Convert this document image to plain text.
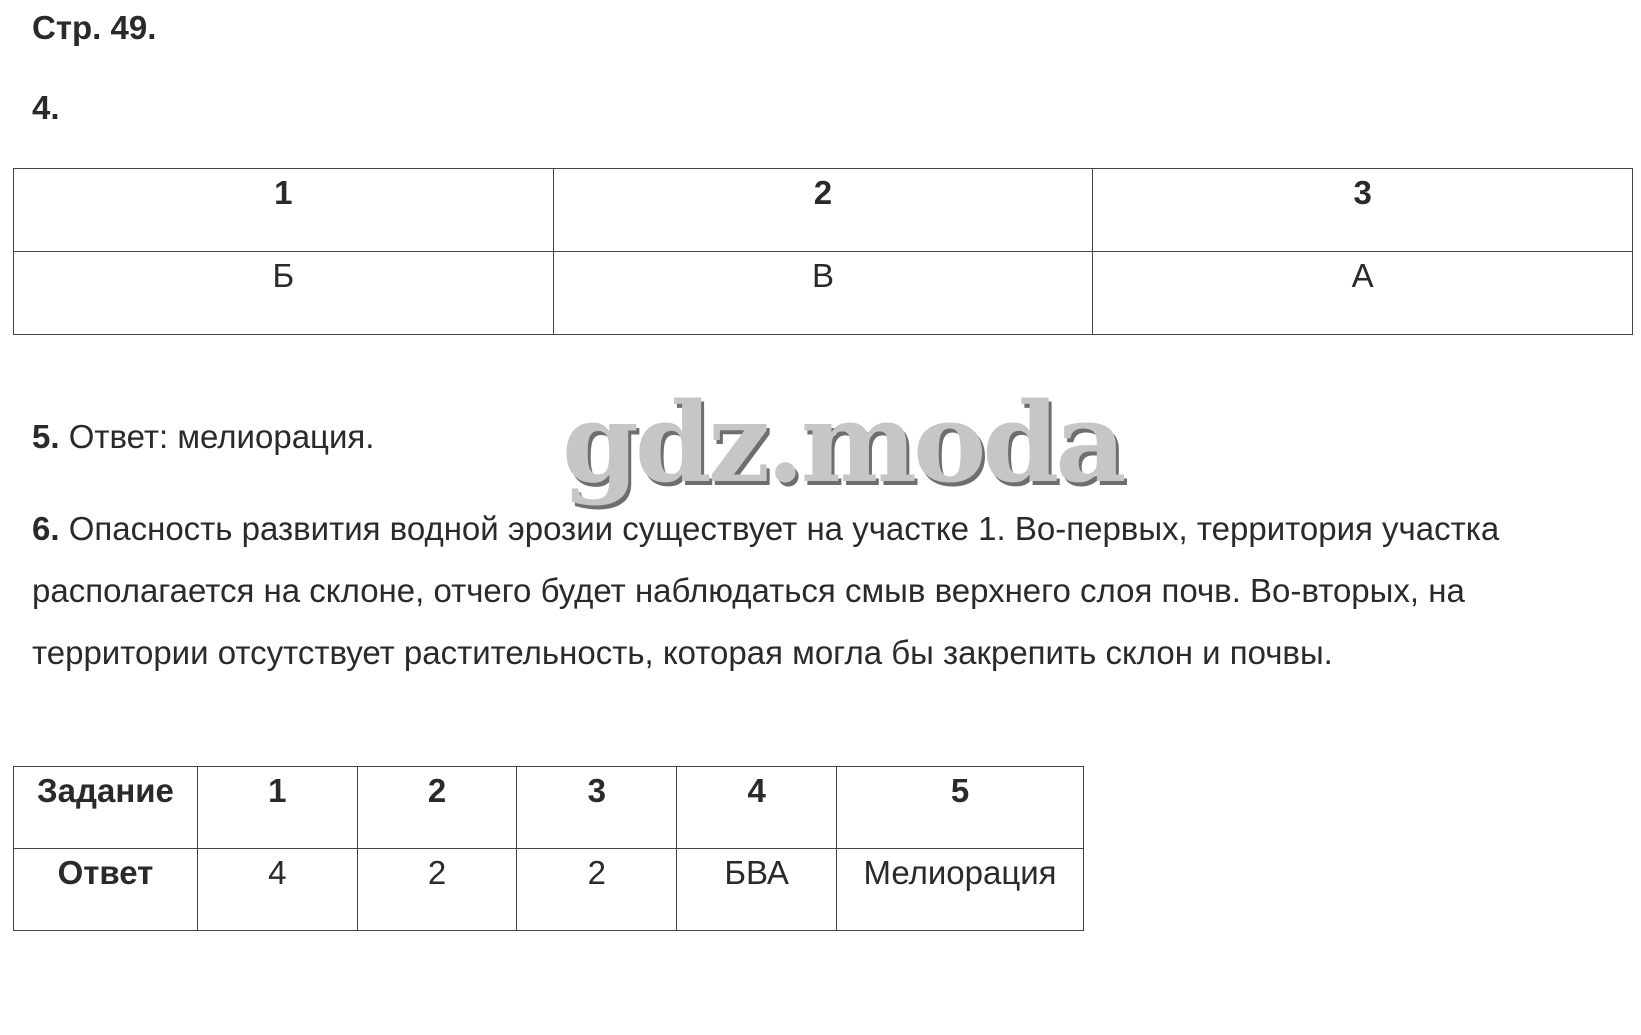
Стр. 49.
4.
1	2	3
Б	В	А
5. Ответ: мелиорация.
6. Опасность развития водной эрозии существует на участке 1. Во-первых, территория участка располагается на склоне, отчего будет наблюдаться смыв верхнего слоя почв. Во-вторых, на территории отсутствует растительность, которая могла бы закрепить склон и почвы.
Задание	1	2	3	4	5
Ответ	4	2	2	БВА	Мелиорация
gdz.moda
